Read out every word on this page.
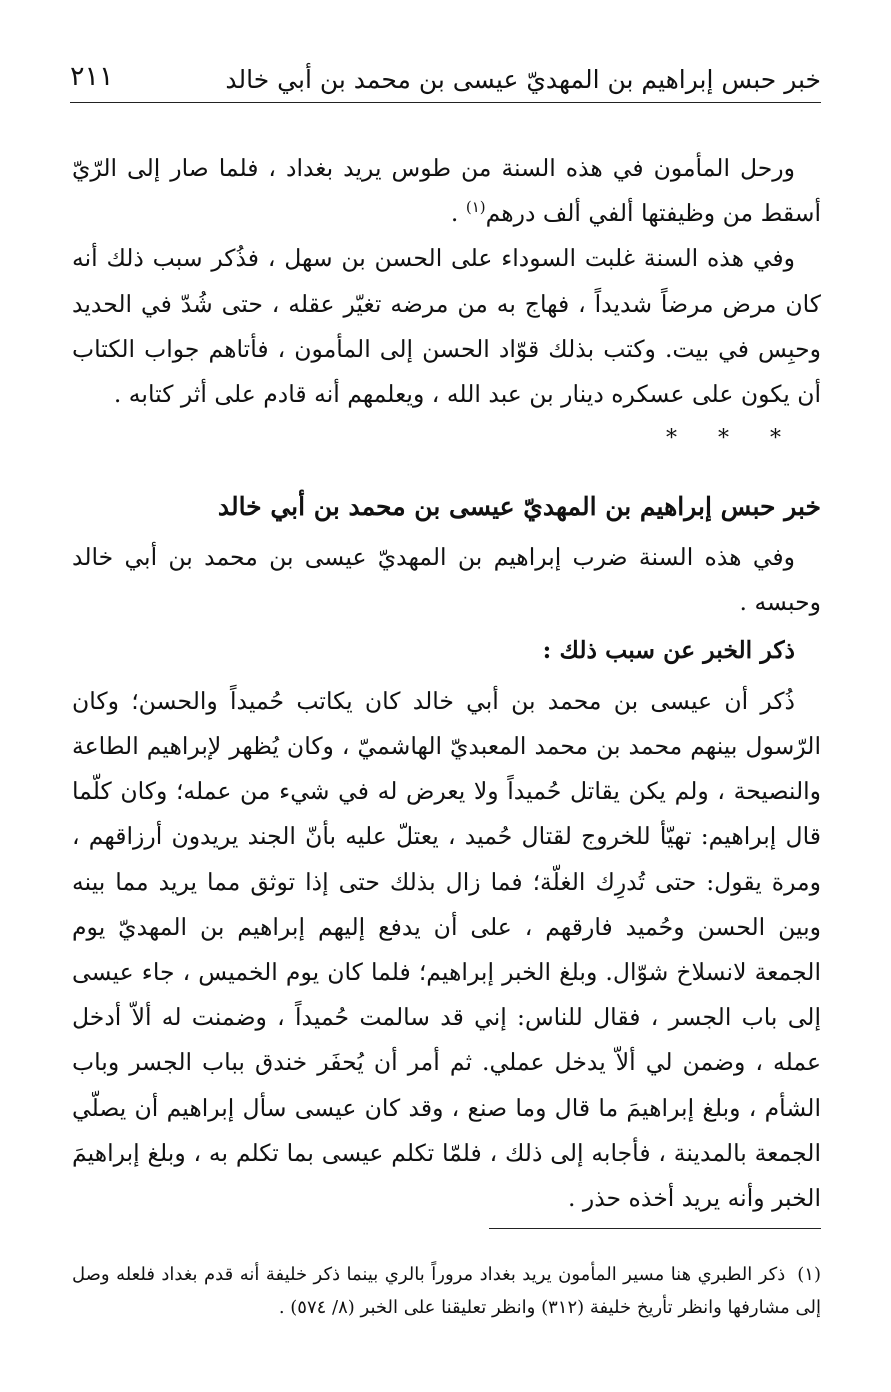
خبر حبس إبراهيم بن المهديّ عيسى بن محمد بن أبي خالد
٢١١

ورحل المأمون في هذه السنة من طوس يريد بغداد ، فلما صار إلى الرّيّ أسقط من وظيفتها ألفي ألف درهم$^{(١)}$ .

وفي هذه السنة غلبت السوداء على الحسن بن سهل ، فذُكر سبب ذلك أنه كان مرض مرضاً شديداً ، فهاج به من مرضه تغيّر عقله ، حتى شُدّ في الحديد وحبِس في بيت. وكتب بذلك قوّاد الحسن إلى المأمون ، فأتاهم جواب الكتاب أن يكون على عسكره دينار بن عبد الله ، ويعلمهم أنه قادم على أثر كتابه .

* * *

خبر حبس إبراهيم بن المهديّ عيسى بن محمد بن أبي خالد

وفي هذه السنة ضرب إبراهيم بن المهديّ عيسى بن محمد بن أبي خالد وحبسه .

ذكر الخبر عن سبب ذلك :

ذُكر أن عيسى بن محمد بن أبي خالد كان يكاتب حُميداً والحسن؛ وكان الرّسول بينهم محمد بن محمد المعبديّ الهاشميّ ، وكان يُظهر لإبراهيم الطاعة والنصيحة ، ولم يكن يقاتل حُميداً ولا يعرض له في شيء من عمله؛ وكان كلّما قال إبراهيم: تهيّأ للخروج لقتال حُميد ، يعتلّ عليه بأنّ الجند يريدون أرزاقهم ، ومرة يقول: حتى تُدرِك الغلّة؛ فما زال بذلك حتى إذا توثق مما يريد مما بينه وبين الحسن وحُميد فارقهم ، على أن يدفع إليهم إبراهيم بن المهديّ يوم الجمعة لانسلاخ شوّال. وبلغ الخبر إبراهيم؛ فلما كان يوم الخميس ، جاء عيسى إلى باب الجسر ، فقال للناس: إني قد سالمت حُميداً ، وضمنت له ألاّ أدخل عمله ، وضمن لي ألاّ يدخل عملي. ثم أمر أن يُحفَر خندق بباب الجسر وباب الشأم ، وبلغ إبراهيمَ ما قال وما صنع ، وقد كان عيسى سأل إبراهيم أن يصلّي الجمعة بالمدينة ، فأجابه إلى ذلك ، فلمّا تكلم عيسى بما تكلم به ، وبلغ إبراهيمَ الخبر وأنه يريد أخذه حذر .

(١)ذكر الطبري هنا مسير المأمون يريد بغداد مروراً بالري بينما ذكر خليفة أنه قدم بغداد فلعله وصل إلى مشارفها وانظر تأريخ خليفة (٣١٢) وانظر تعليقنا على الخبر (٨/ ٥٧٤) .
